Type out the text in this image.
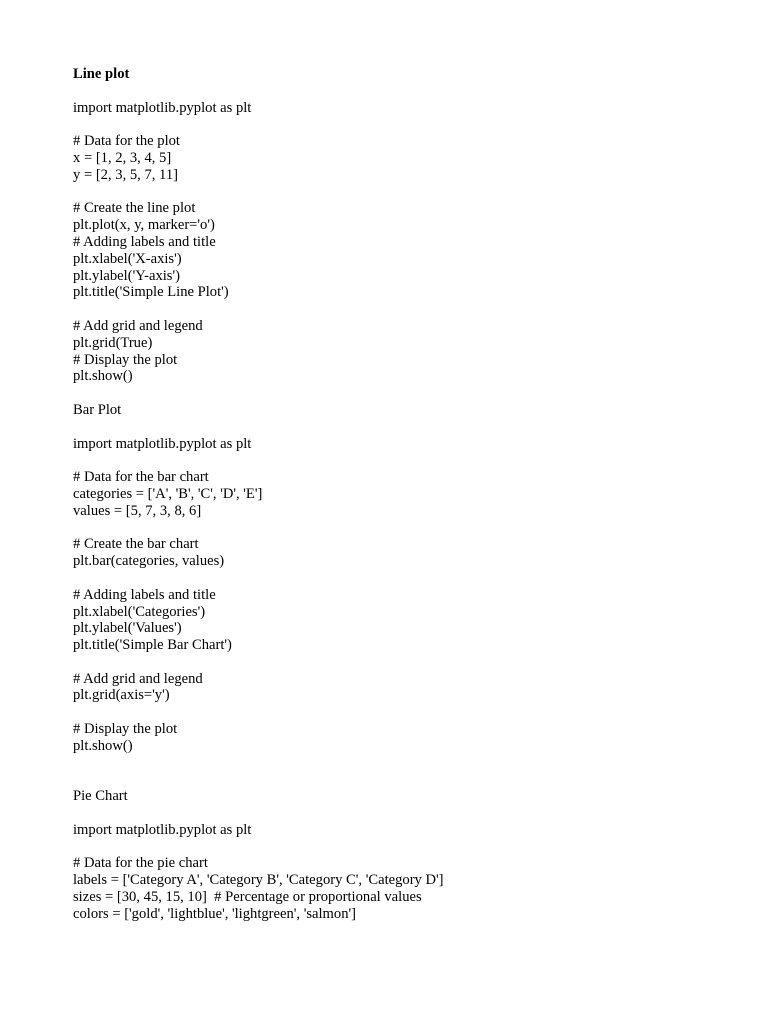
Line plot
import matplotlib.pyplot as plt
# Data for the plot
x = [1, 2, 3, 4, 5]
y = [2, 3, 5, 7, 11]
# Create the line plot
plt.plot(x, y, marker='o')
# Adding labels and title
plt.xlabel('X-axis')
plt.ylabel('Y-axis')
plt.title('Simple Line Plot')
# Add grid and legend
plt.grid(True)
# Display the plot
plt.show()
Bar Plot
import matplotlib.pyplot as plt
# Data for the bar chart
categories = ['A', 'B', 'C', 'D', 'E']
values = [5, 7, 3, 8, 6]
# Create the bar chart
plt.bar(categories, values)
# Adding labels and title
plt.xlabel('Categories')
plt.ylabel('Values')
plt.title('Simple Bar Chart')
# Add grid and legend
plt.grid(axis='y')
# Display the plot
plt.show()
Pie Chart
import matplotlib.pyplot as plt
# Data for the pie chart
labels = ['Category A', 'Category B', 'Category C', 'Category D']
sizes = [30, 45, 15, 10]  # Percentage or proportional values
colors = ['gold', 'lightblue', 'lightgreen', 'salmon']
